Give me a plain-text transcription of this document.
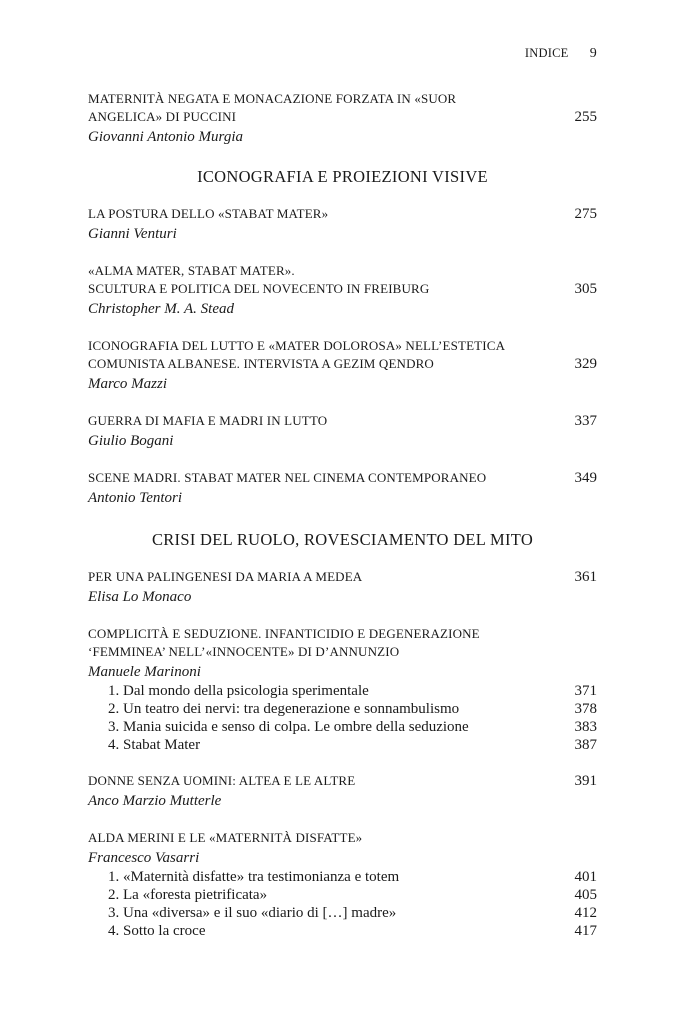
INDICE 9
MATERNITÀ NEGATA E MONACAZIONE FORZATA IN «SUOR
ANGELICA» DI PUCCINI	255
Giovanni Antonio Murgia
ICONOGRAFIA E PROIEZIONI VISIVE
LA POSTURA DELLO «STABAT MATER»	275
Gianni Venturi
«ALMA MATER, STABAT MATER».
SCULTURA E POLITICA DEL NOVECENTO IN FREIBURG	305
Christopher M. A. Stead
ICONOGRAFIA DEL LUTTO E «MATER DOLOROSA» NELL’ESTETICA
COMUNISTA ALBANESE. INTERVISTA A GEZIM QENDRO	329
Marco Mazzi
GUERRA DI MAFIA E MADRI IN LUTTO	337
Giulio Bogani
SCENE MADRI. STABAT MATER NEL CINEMA CONTEMPORANEO	349
Antonio Tentori
CRISI DEL RUOLO, ROVESCIAMENTO DEL MITO
PER UNA PALINGENESI DA MARIA A MEDEA	361
Elisa Lo Monaco
COMPLICITÀ E SEDUZIONE. INFANTICIDIO E DEGENERAZIONE
‘FEMMINEA’ NELL’«INNOCENTE» DI D’ANNUNZIO
Manuele Marinoni
1. Dal mondo della psicologia sperimentale	371
2. Un teatro dei nervi: tra degenerazione e sonnambulismo	378
3. Mania suicida e senso di colpa. Le ombre della seduzione	383
4. Stabat Mater	387
DONNE SENZA UOMINI: ALTEA E LE ALTRE	391
Anco Marzio Mutterle
ALDA MERINI E LE «MATERNITÀ DISFATTE»
Francesco Vasarri
1. «Maternità disfatte» tra testimonianza e totem	401
2. La «foresta pietrificata»	405
3. Una «diversa» e il suo «diario di […] madre»	412
4. Sotto la croce	417
